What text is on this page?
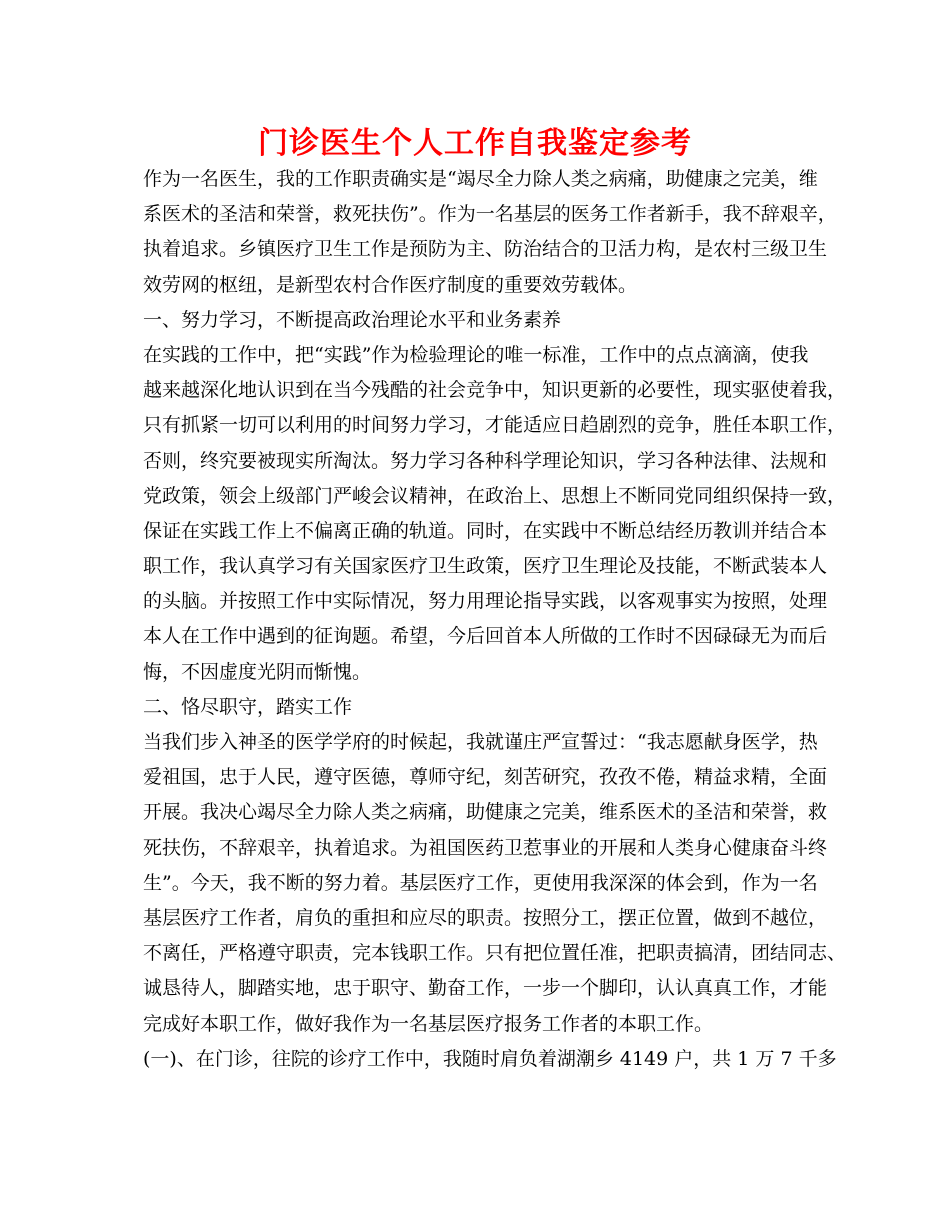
门诊医生个人工作自我鉴定参考
作为一名医生，我的工作职责确实是“竭尽全力除人类之病痛，助健康之完美，维
系医术的圣洁和荣誉，救死扶伤”。作为一名基层的医务工作者新手，我不辞艰辛，
执着追求。乡镇医疗卫生工作是预防为主、防治结合的卫活力构，是农村三级卫生
效劳网的枢纽，是新型农村合作医疗制度的重要效劳载体。
一、努力学习，不断提高政治理论水平和业务素养
在实践的工作中，把“实践”作为检验理论的唯一标准，工作中的点点滴滴，使我
越来越深化地认识到在当今残酷的社会竞争中，知识更新的必要性，现实驱使着我，
只有抓紧一切可以利用的时间努力学习，才能适应日趋剧烈的竞争，胜任本职工作，
否则，终究要被现实所淘汰。努力学习各种科学理论知识，学习各种法律、法规和
党政策，领会上级部门严峻会议精神，在政治上、思想上不断同党同组织保持一致，
保证在实践工作上不偏离正确的轨道。同时，在实践中不断总结经历教训并结合本
职工作，我认真学习有关国家医疗卫生政策，医疗卫生理论及技能，不断武装本人
的头脑。并按照工作中实际情况，努力用理论指导实践，以客观事实为按照，处理
本人在工作中遇到的征询题。希望，今后回首本人所做的工作时不因碌碌无为而后
悔，不因虚度光阴而惭愧。
二、恪尽职守，踏实工作
当我们步入神圣的医学学府的时候起，我就谨庄严宣誓过：“我志愿献身医学，热
爱祖国，忠于人民，遵守医德，尊师守纪，刻苦研究，孜孜不倦，精益求精，全面
开展。我决心竭尽全力除人类之病痛，助健康之完美，维系医术的圣洁和荣誉，救
死扶伤，不辞艰辛，执着追求。为祖国医药卫惹事业的开展和人类身心健康奋斗终
生”。今天，我不断的努力着。基层医疗工作，更使用我深深的体会到，作为一名
基层医疗工作者，肩负的重担和应尽的职责。按照分工，摆正位置，做到不越位，
不离任，严格遵守职责，完本钱职工作。只有把位置任准，把职责搞清，团结同志、
诚恳待人，脚踏实地，忠于职守、勤奋工作，一步一个脚印，认认真真工作，才能
完成好本职工作，做好我作为一名基层医疗报务工作者的本职工作。
(一)、在门诊，往院的诊疗工作中，我随时肩负着湖潮乡 4149 户，共 1 万 7 千多
